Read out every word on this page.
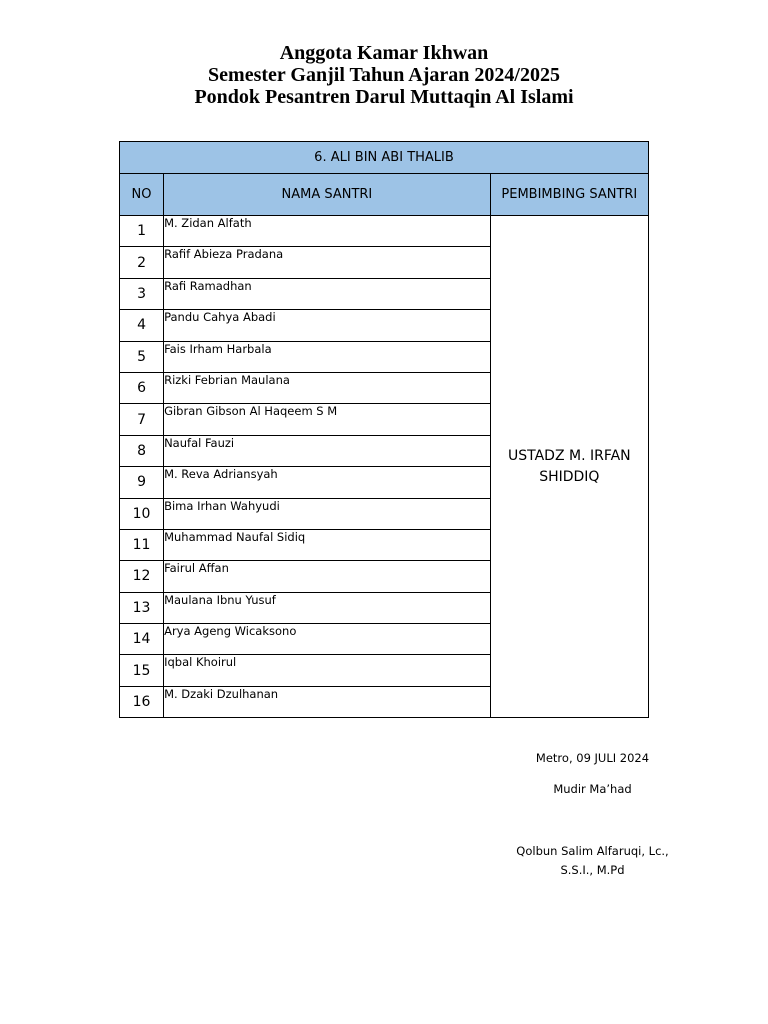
Anggota Kamar Ikhwan
Semester Ganjil Tahun Ajaran 2024/2025
Pondok Pesantren Darul Muttaqin Al Islami
6. ALI BIN ABI THALIB		
NO	NAMA SANTRI	PEMBIMBING SANTRI
1	M. Zidan Alfath	USTADZ M. IRFAN SHIDDIQ
2	Rafif Abieza Pradana	
3	Rafi Ramadhan	
4	Pandu Cahya Abadi	
5	Fais Irham Harbala	
6	Rizki Febrian Maulana	
7	Gibran Gibson Al Haqeem S M	
8	Naufal Fauzi	
9	M. Reva Adriansyah	
10	Bima Irhan Wahyudi	
11	Muhammad Naufal Sidiq	
12	Fairul Affan	
13	Maulana Ibnu Yusuf	
14	Arya Ageng Wicaksono	
15	Iqbal Khoirul	
16	M. Dzaki Dzulhanan	
Metro, 09 JULI 2024
Mudir Ma’had
Qolbun Salim Alfaruqi, Lc.,
S.S.I., M.Pd
